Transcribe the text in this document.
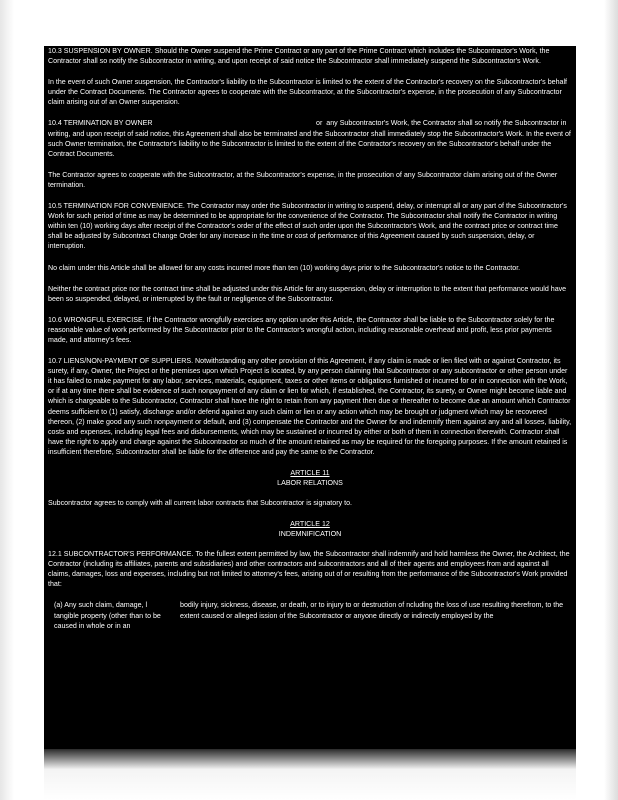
10.3 SUSPENSION BY OWNER. Should the Owner suspend the Prime Contract or any part of the Prime Contract which includes the Subcontractor's Work, the Contractor shall so notify the Subcontractor in writing, and upon receipt of said notice the Subcontractor shall immediately suspend the Subcontractor's Work.

In the event of such Owner suspension, the Contractor's liability to the Subcontractor is limited to the extent of the Contractor's recovery on the Subcontractor's behalf under the Contract Documents. The Contractor agrees to cooperate with the Subcontractor, at the Subcontractor's expense, in the prosecution of any Subcontractor claim arising out of an Owner suspension.

10.4 TERMINATION BY OWNER                                                                                   or  any Subcontractor's Work, the Contractor shall so notify the Subcontractor in writing, and upon receipt of said notice, this Agreement shall also be terminated and the Subcontractor shall immediately stop the Subcontractor's Work. In the event of such Owner termination, the Contractor's liability to the Subcontractor is limited to the extent of the Contractor's recovery on the Subcontractor's behalf under the Contract Documents.

The Contractor agrees to cooperate with the Subcontractor, at the Subcontractor's expense, in the prosecution of any Subcontractor claim arising out of the Owner termination.

10.5 TERMINATION FOR CONVENIENCE. The Contractor may order the Subcontractor in writing to suspend, delay, or interrupt all or any part of the Subcontractor's Work for such period of time as may be determined to be appropriate for the convenience of the Contractor. The Subcontractor shall notify the Contractor in writing within ten (10) working days after receipt of the Contractor's order of the effect of such order upon the Subcontractor's Work, and the contract price or contract time shall be adjusted by Subcontract Change Order for any increase in the time or cost of performance of this Agreement caused by such suspension, delay, or interruption.

No claim under this Article shall be allowed for any costs incurred more than ten (10) working days prior to the Subcontractor's notice to the Contractor.

Neither the contract price nor the contract time shall be adjusted under this Article for any suspension, delay or interruption to the extent that performance would have been so suspended, delayed, or interrupted by the fault or negligence of the Subcontractor.

10.6 WRONGFUL EXERCISE. If the Contractor wrongfully exercises any option under this Article, the Contractor shall be liable to the Subcontractor solely for the reasonable value of work performed by the Subcontractor prior to the Contractor's wrongful action, including reasonable overhead and profit, less prior payments made, and attorney's fees.

10.7 LIENS/NON-PAYMENT OF SUPPLIERS. Notwithstanding any other provision of this Agreement, if any claim is made or lien filed with or against Contractor, its surety, if any, Owner, the Project or the premises upon which Project is located, by any person claiming that Subcontractor or any subcontractor or other person under it has failed to make payment for any labor, services, materials, equipment, taxes or other items or obligations furnished or incurred for or in connection with the Work, or if at any time there shall be evidence of such nonpayment of any claim or lien for which, if established, the Contractor, its surety, or Owner might become liable and which is chargeable to the Subcontractor, Contractor shall have the right to retain from any payment then due or thereafter to become due an amount which Contractor deems sufficient to (1) satisfy, discharge and/or defend against any such claim or lien or any action which may be brought or judgment which may be recovered thereon, (2) make good any such nonpayment or default, and (3) compensate the Contractor and the Owner for and indemnify them against any and all losses, liability, costs and expenses, including legal fees and disbursements, which may be sustained or incurred by either or both of them in connection therewith. Contractor shall have the right to apply and charge against the Subcontractor so much of the amount retained as may be required for the foregoing purposes. If the amount retained is insufficient therefore, Subcontractor shall be liable for the difference and pay the same to the Contractor.

ARTICLE 11
LABOR RELATIONS

Subcontractor agrees to comply with all current labor contracts that Subcontractor is signatory to.

ARTICLE 12
INDEMNIFICATION

12.1 SUBCONTRACTOR'S PERFORMANCE. To the fullest extent permitted by law, the Subcontractor shall indemnify and hold harmless the Owner, the Architect, the Contractor (including its affiliates, parents and subsidiaries) and other contractors and subcontractors and all of their agents and employees from and against all claims, damages, loss and expenses, including but not limited to attorney's fees, arising out of or resulting from the performance of the Subcontractor's Work provided that:

(a) Any such claim, damage, l tangible property (other than to be caused in whole or in an
bodily injury, sickness, disease, or death, or to injury to or destruction of ncluding the loss of use resulting therefrom, to the extent caused or alleged ission of the Subcontractor or anyone directly or indirectly employed by the
